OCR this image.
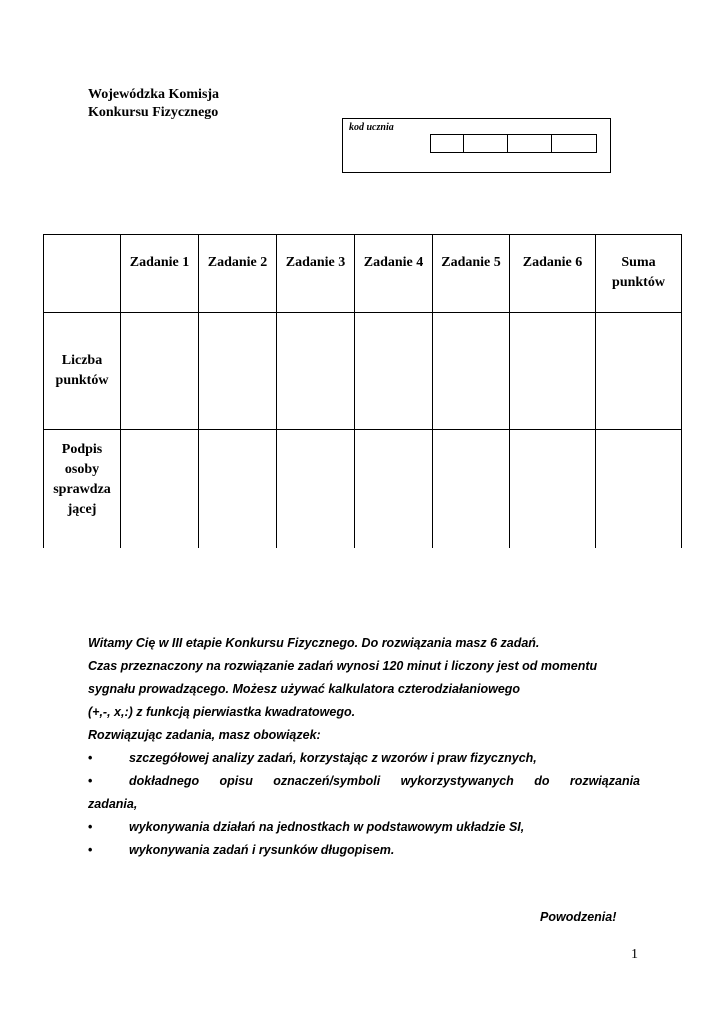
Wojewódzka Komisja
Konkursu Fizycznego
kod ucznia
	Zadanie 1	Zadanie 2	Zadanie 3	Zadanie 4	Zadanie 5	Zadanie 6	Suma punktów
Liczba punktów							
Podpis osoby sprawdza jącej							

Witamy Cię w III etapie Konkursu Fizycznego. Do rozwiązania masz 6 zadań.

Czas przeznaczony na rozwiązanie zadań wynosi 120 minut i liczony jest od momentu

sygnału prowadzącego. Możesz używać kalkulatora czterodziałaniowego

(+,-, x,:) z funkcją pierwiastka kwadratowego.

Rozwiązując zadania, masz obowiązek:

•	szczegółowej analizy zadań, korzystając z wzorów i praw fizycznych,
•	dokładnego opisu oznaczeń/symboli wykorzystywanych do rozwiązania

zadania,

•	wykonywania działań na jednostkach w podstawowym układzie SI,
•	wykonywania zadań i rysunków długopisem.
Powodzenia!
1
